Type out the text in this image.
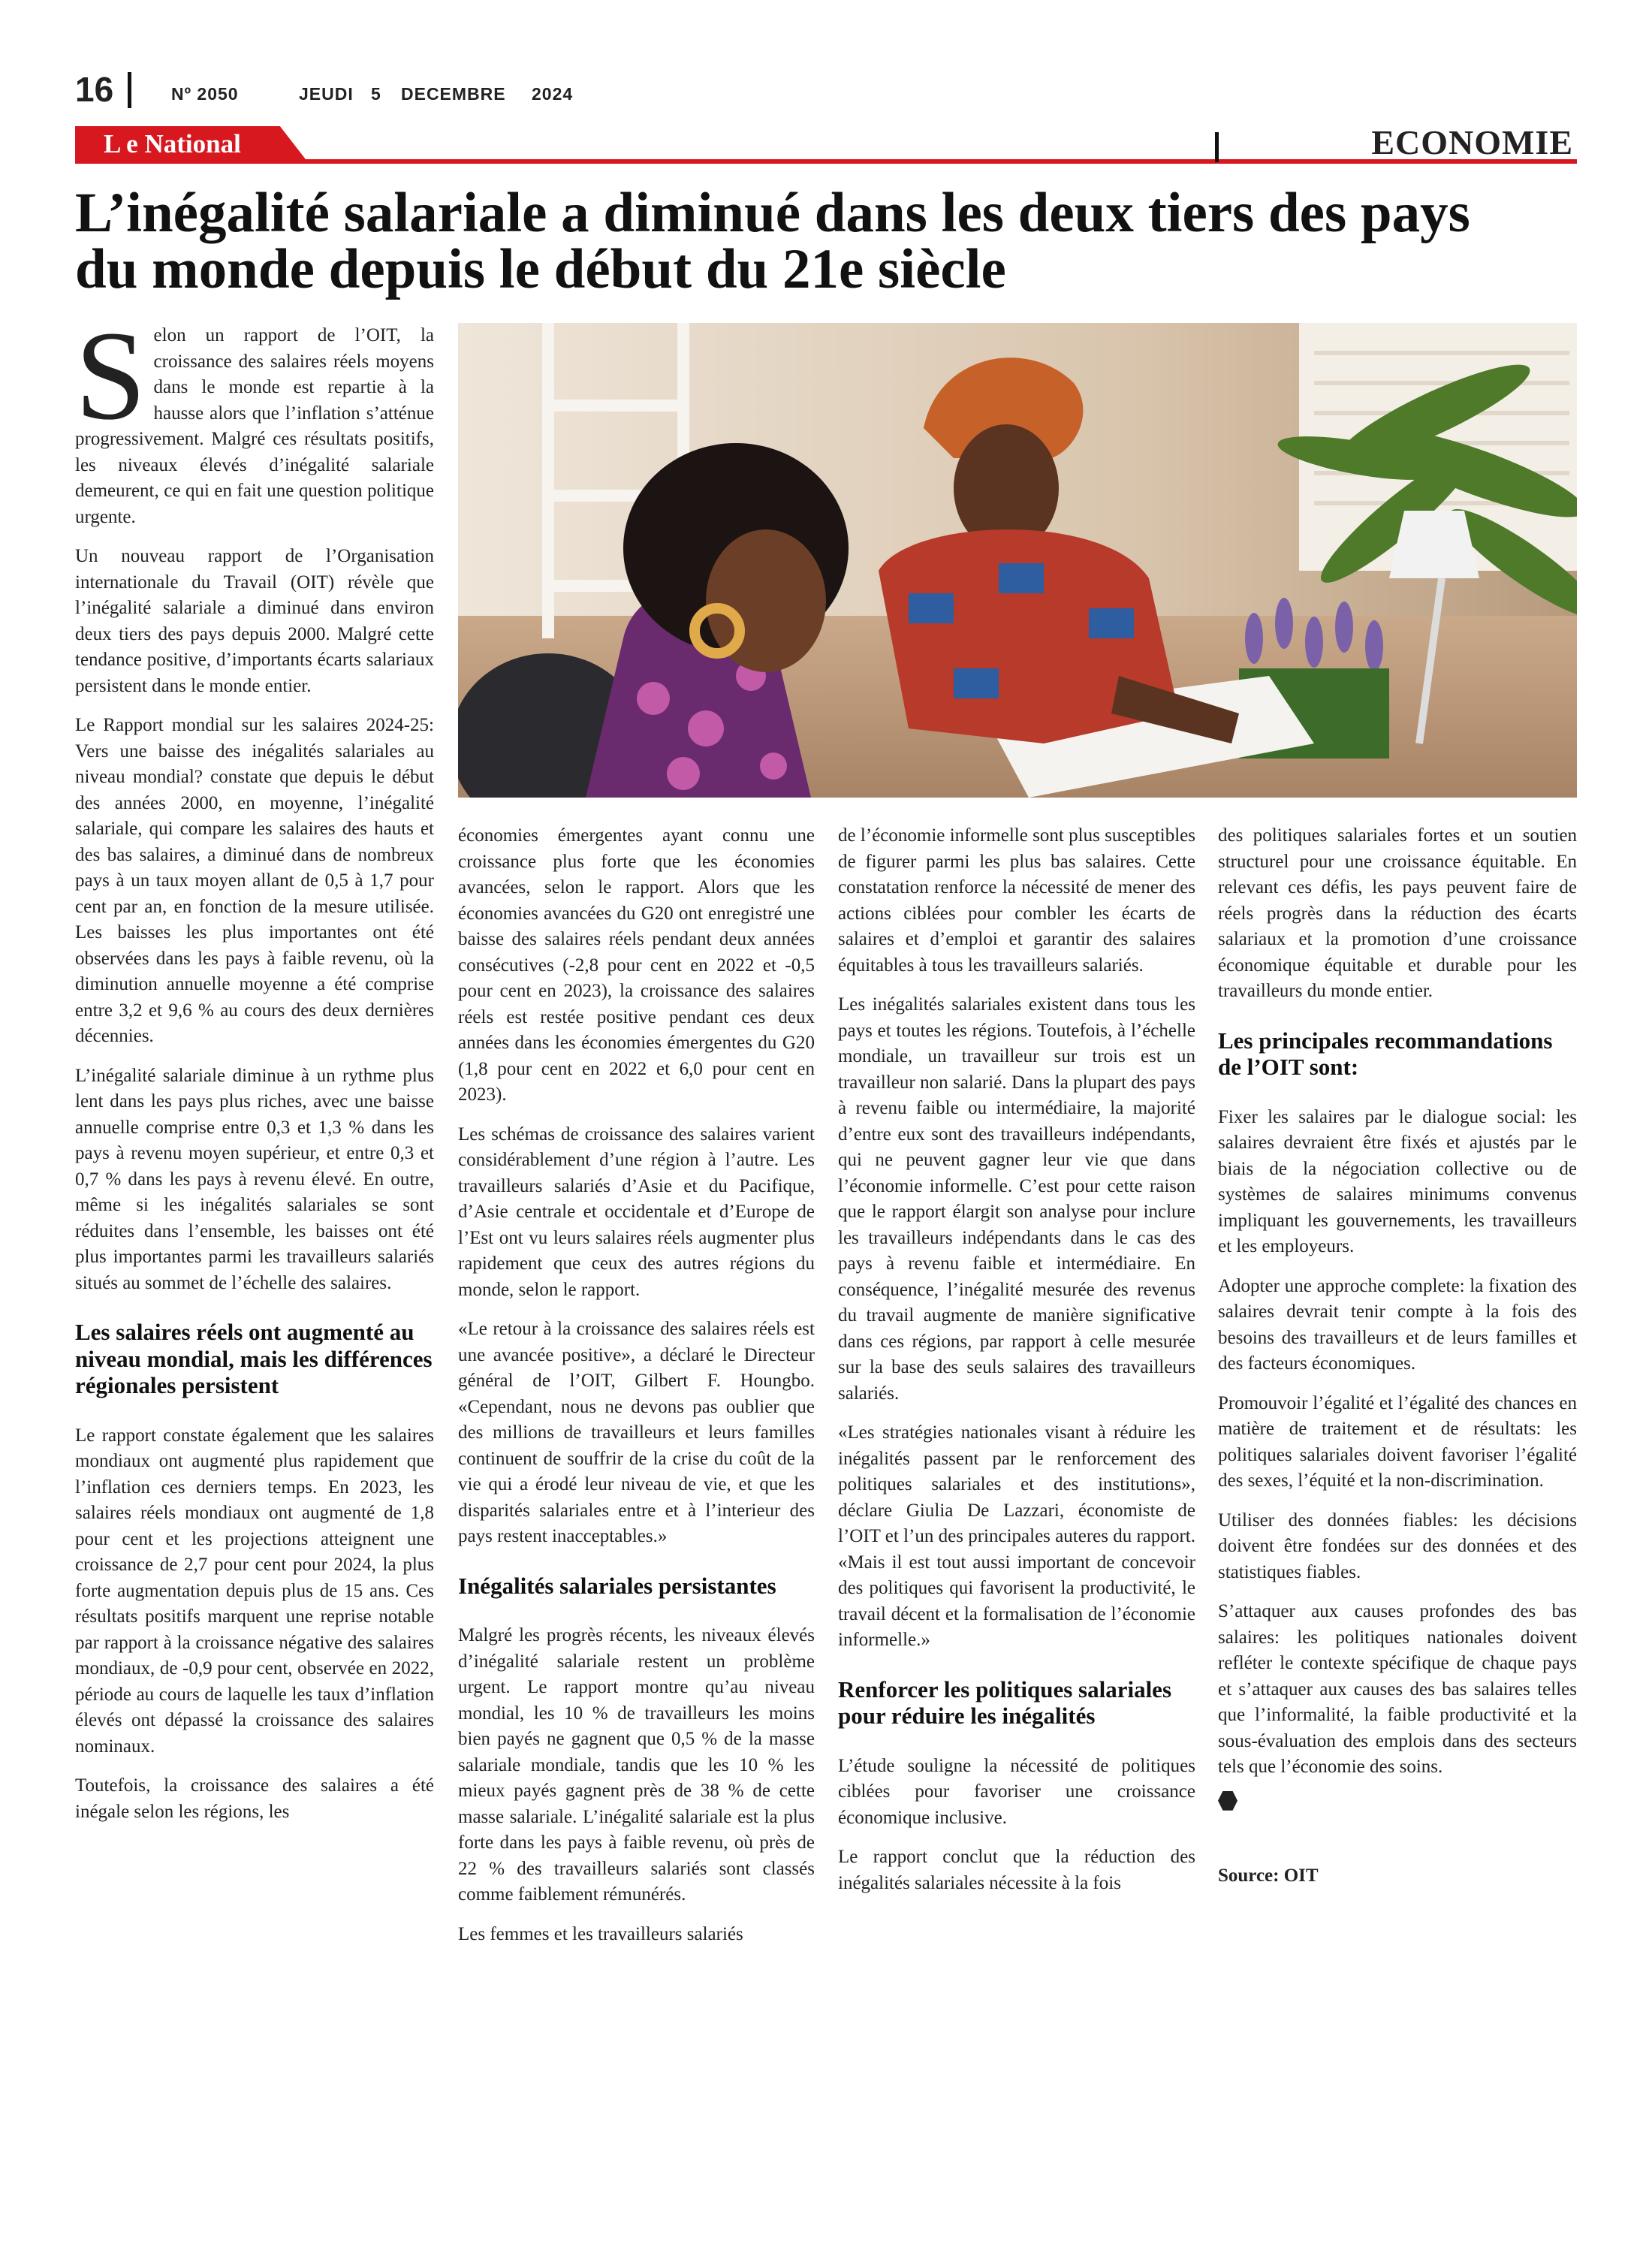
16	Nº 2050	JEUDI 5 DECEMBRE 2024
L e National	ECONOMIE
L’inégalité salariale a diminué dans les deux tiers des pays
du monde depuis le début du 21e siècle

Selon un rapport de l’OIT, la croissance des salaires réels moyens dans le monde est repartie à la hausse alors que l’inflation s’atténue progressivement. Malgré ces résultats positifs, les niveaux élevés d’inégalité salariale demeurent, ce qui en fait une question politique urgente.

Un nouveau rapport de l’Organisation internationale du Travail (OIT) révèle que l’inégalité salariale a diminué dans environ deux tiers des pays depuis 2000. Malgré cette tendance positive, d’importants écarts salariaux persistent dans le monde entier.

Le Rapport mondial sur les salaires 2024-25: Vers une baisse des inégalités salariales au niveau mondial? constate que depuis le début des années 2000, en moyenne, l’inégalité salariale, qui compare les salaires des hauts et des bas salaires, a diminué dans de nombreux pays à un taux moyen allant de 0,5 à 1,7 pour cent par an, en fonction de la mesure utilisée. Les baisses les plus importantes ont été observées dans les pays à faible revenu, où la diminution annuelle moyenne a été comprise entre 3,2 et 9,6 % au cours des deux dernières décennies.

L’inégalité salariale diminue à un rythme plus lent dans les pays plus riches, avec une baisse annuelle comprise entre 0,3 et 1,3 % dans les pays à revenu moyen supérieur, et entre 0,3 et 0,7 % dans les pays à revenu élevé. En outre, même si les inégalités salariales se sont réduites dans l’ensemble, les baisses ont été plus importantes parmi les travailleurs salariés situés au sommet de l’échelle des salaires.

Les salaires réels ont augmenté au niveau mondial, mais les différences régionales persistent

Le rapport constate également que les salaires mondiaux ont augmenté plus rapidement que l’inflation ces derniers temps. En 2023, les salaires réels mondiaux ont augmenté de 1,8 pour cent et les projections atteignent une croissance de 2,7 pour cent pour 2024, la plus forte augmentation depuis plus de 15 ans. Ces résultats positifs marquent une reprise notable par rapport à la croissance négative des salaires mondiaux, de -0,9 pour cent, observée en 2022, période au cours de laquelle les taux d’inflation élevés ont dépassé la croissance des salaires nominaux.

Toutefois, la croissance des salaires a été inégale selon les régions, les

économies émergentes ayant connu une croissance plus forte que les économies avancées, selon le rapport. Alors que les économies avancées du G20 ont enregistré une baisse des salaires réels pendant deux années consécutives (-2,8 pour cent en 2022 et -0,5 pour cent en 2023), la croissance des salaires réels est restée positive pendant ces deux années dans les économies émergentes du G20 (1,8 pour cent en 2022 et 6,0 pour cent en 2023).

Les schémas de croissance des salaires varient considérablement d’une région à l’autre. Les travailleurs salariés d’Asie et du Pacifique, d’Asie centrale et occidentale et d’Europe de l’Est ont vu leurs salaires réels augmenter plus rapidement que ceux des autres régions du monde, selon le rapport.

«Le retour à la croissance des salaires réels est une avancée positive», a déclaré le Directeur général de l’OIT, Gilbert F. Houngbo. «Cependant, nous ne devons pas oublier que des millions de travailleurs et leurs familles continuent de souffrir de la crise du coût de la vie qui a érodé leur niveau de vie, et que les disparités salariales entre et à l’interieur des pays restent inacceptables.»

Inégalités salariales persistantes

Malgré les progrès récents, les niveaux élevés d’inégalité salariale restent un problème urgent. Le rapport montre qu’au niveau mondial, les 10 % de travailleurs les moins bien payés ne gagnent que 0,5 % de la masse salariale mondiale, tandis que les 10 % les mieux payés gagnent près de 38 % de cette masse salariale. L’inégalité salariale est la plus forte dans les pays à faible revenu, où près de 22 % des travailleurs salariés sont classés comme faiblement rémunérés.

Les femmes et les travailleurs salariés

de l’économie informelle sont plus susceptibles de figurer parmi les plus bas salaires. Cette constatation renforce la nécessité de mener des actions ciblées pour combler les écarts de salaires et d’emploi et garantir des salaires équitables à tous les travailleurs salariés.

Les inégalités salariales existent dans tous les pays et toutes les régions. Toutefois, à l’échelle mondiale, un travailleur sur trois est un travailleur non salarié. Dans la plupart des pays à revenu faible ou intermédiaire, la majorité d’entre eux sont des travailleurs indépendants, qui ne peuvent gagner leur vie que dans l’économie informelle. C’est pour cette raison que le rapport élargit son analyse pour inclure les travailleurs indépendants dans le cas des pays à revenu faible et intermédiaire. En conséquence, l’inégalité mesurée des revenus du travail augmente de manière significative dans ces régions, par rapport à celle mesurée sur la base des seuls salaires des travailleurs salariés.

«Les stratégies nationales visant à réduire les inégalités passent par le renforcement des politiques salariales et des institutions», déclare Giulia De Lazzari, économiste de l’OIT et l’un des principales auteres du rapport. «Mais il est tout aussi important de concevoir des politiques qui favorisent la productivité, le travail décent et la formalisation de l’économie informelle.»

Renforcer les politiques salariales pour réduire les inégalités

L’étude souligne la nécessité de politiques ciblées pour favoriser une croissance économique inclusive.

Le rapport conclut que la réduction des inégalités salariales nécessite à la fois

des politiques salariales fortes et un soutien structurel pour une croissance équitable. En relevant ces défis, les pays peuvent faire de réels progrès dans la réduction des écarts salariaux et la promotion d’une croissance économique équitable et durable pour les travailleurs du monde entier.

Les principales recommandations de l’OIT sont:

Fixer les salaires par le dialogue social: les salaires devraient être fixés et ajustés par le biais de la négociation collective ou de systèmes de salaires minimums convenus impliquant les gouvernements, les travailleurs et les employeurs.

Adopter une approche complete: la fixation des salaires devrait tenir compte à la fois des besoins des travailleurs et de leurs familles et des facteurs économiques.

Promouvoir l’égalité et l’égalité des chances en matière de traitement et de résultats: les politiques salariales doivent favoriser l’égalité des sexes, l’équité et la non-discrimination.

Utiliser des données fiables: les décisions doivent être fondées sur des données et des statistiques fiables.

S’attaquer aux causes profondes des bas salaires: les politiques nationales doivent refléter le contexte spécifique de chaque pays et s’attaquer aux causes des bas salaires telles que l’informalité, la faible productivité et la sous-évaluation des emplois dans des secteurs tels que l’économie des soins.

Source: OIT
